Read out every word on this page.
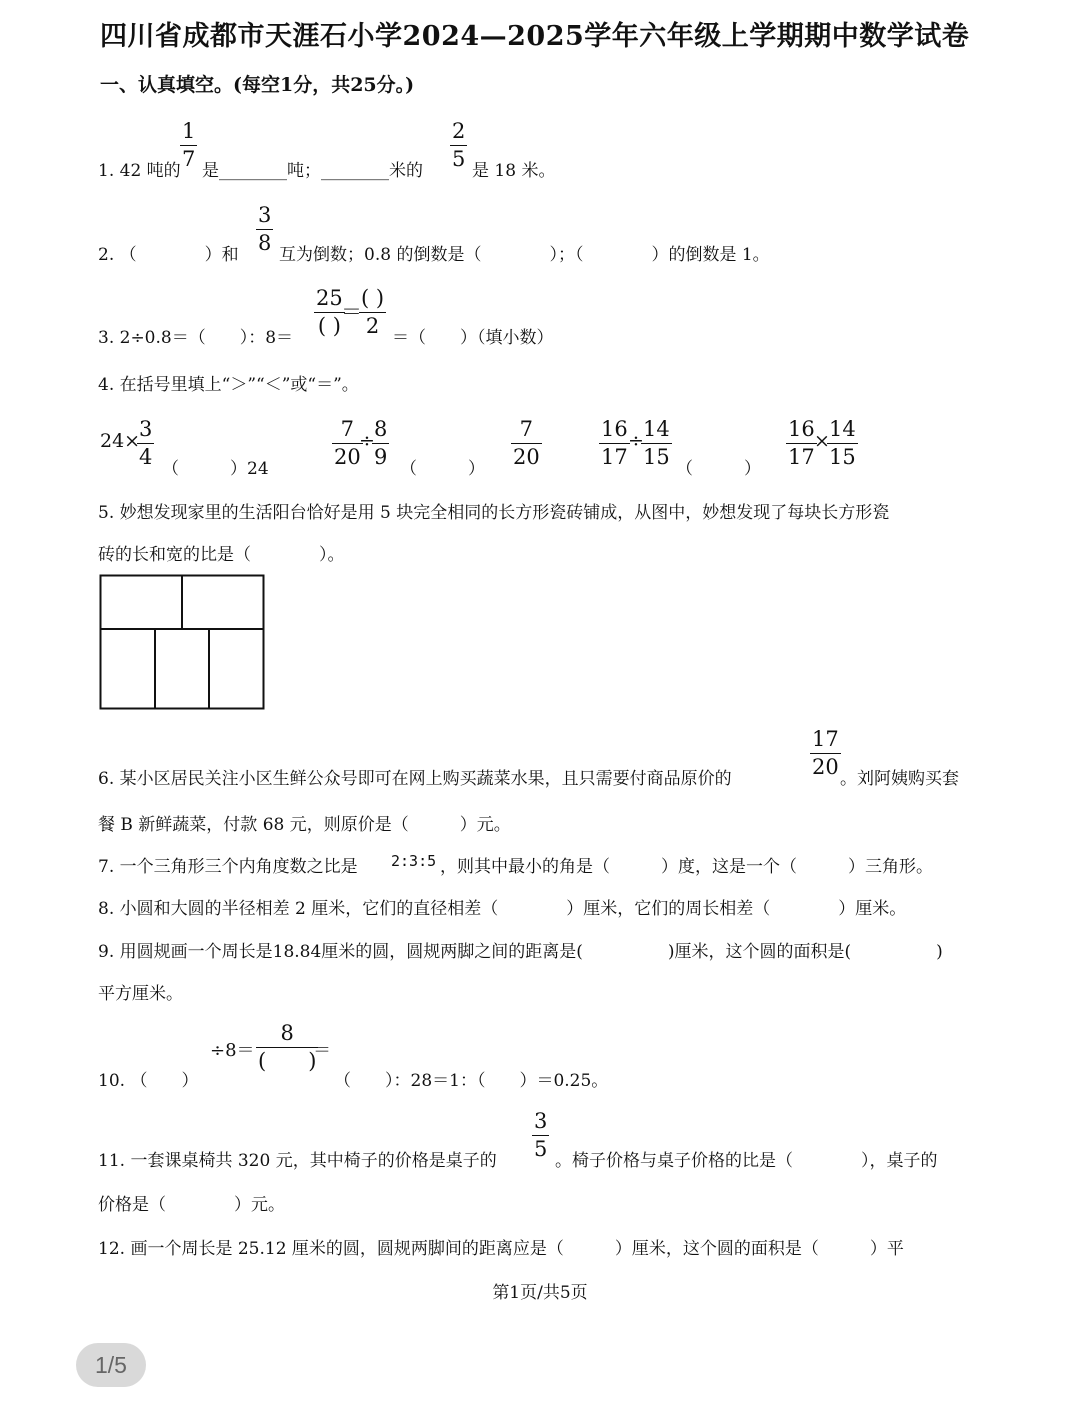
四川省成都市天涯石小学2024—2025学年六年级上学期期中数学试卷
一、认真填空。(每空1分，共25分。)
1. 42 吨的
$\frac{1}{7}$
是________吨；________米的
$\frac{2}{5}$
是 18 米。
2. （　　　　）和
$\frac{3}{8}$
互为倒数；0.8 的倒数是（　　　　）；（　　　　）的倒数是 1。
3. 2÷0.8＝（　　）：8＝
25
( )
＝
( )
2 ＝（　　）（填小数）
4. 在括号里填上“＞”“＜”或“＝”。
24×
$\frac{3}{4}$
（　　　）24
$\frac{7}{20}$
÷
$\frac{8}{9}$
（　　　）
$\frac{7}{20}$	$\frac{16}{17}$
÷
$\frac{14}{15}$
（　　　）
$\frac{16}{17}$
×
$\frac{14}{15}$
5. 妙想发现家里的生活阳台恰好是用 5 块完全相同的长方形瓷砖铺成，从图中，妙想发现了每块长方形瓷
砖的长和宽的比是（　　　　）。
6. 某小区居民关注小区生鲜公众号即可在网上购买蔬菜水果，且只需要付商品原价的
$\frac{17}{20}$
。刘阿姨购买套
餐 B 新鲜蔬菜，付款 68 元，则原价是（　　　）元。
7. 一个三角形三个内角度数之比是 2:3:5 ，则其中最小的角是（　　　）度，这是一个（　　　）三角形。
8. 小圆和大圆的半径相差 2 厘米，它们的直径相差（　　　　）厘米，它们的周长相差（　　　　）厘米。
9. 用圆规画一个周长是18.84厘米的圆，圆规两脚之间的距离是(　　　　　)厘米，这个圆的面积是(　　　　　)
平方厘米。
10. （　　）
÷8＝
8
(　　)
＝
（　　）：28＝1：（　　）＝0.25。
11. 一套课桌椅共 320 元，其中椅子的价格是桌子的
$\frac{3}{5}$
。椅子价格与桌子价格的比是（　　　　），桌子的
价格是（　　　　）元。
12. 画一个周长是 25.12 厘米的圆，圆规两脚间的距离应是（　　　）厘米，这个圆的面积是（　　　）平
第1页/共5页
1/5
